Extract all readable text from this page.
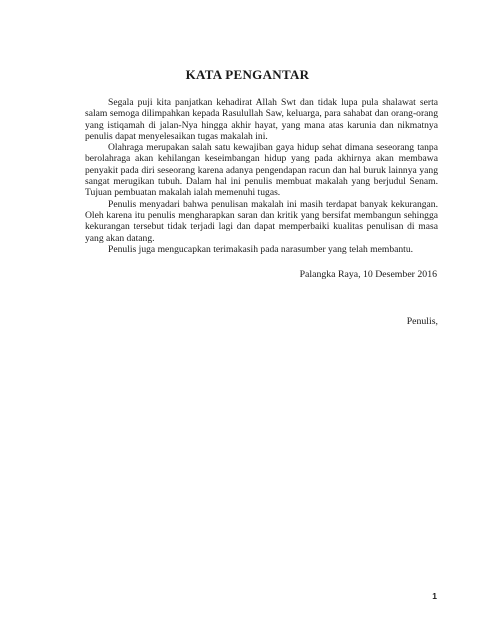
KATA PENGANTAR

Segala puji kita panjatkan kehadirat Allah Swt dan tidak lupa pula shalawat serta salam semoga dilimpahkan kepada Rasulullah Saw, keluarga, para sahabat dan orang-orang yang istiqamah di jalan-Nya hingga akhir hayat, yang mana atas karunia dan nikmatnya penulis dapat menyelesaikan tugas makalah ini.

Olahraga merupakan salah satu kewajiban gaya hidup sehat dimana seseorang tanpa berolahraga akan kehilangan keseimbangan hidup yang pada akhirnya akan membawa penyakit pada diri seseorang karena adanya pengendapan racun dan hal buruk lainnya yang sangat merugikan tubuh. Dalam hal ini penulis membuat makalah yang berjudul Senam. Tujuan pembuatan makalah ialah memenuhi tugas.

Penulis menyadari bahwa penulisan makalah ini masih terdapat banyak kekurangan. Oleh karena itu penulis mengharapkan saran dan kritik yang bersifat membangun sehingga kekurangan tersebut tidak terjadi lagi dan dapat memperbaiki kualitas penulisan di masa yang akan datang.

Penulis juga mengucapkan terimakasih pada narasumber yang telah membantu.

Palangka Raya, 10 Desember 2016
Penulis,
1
